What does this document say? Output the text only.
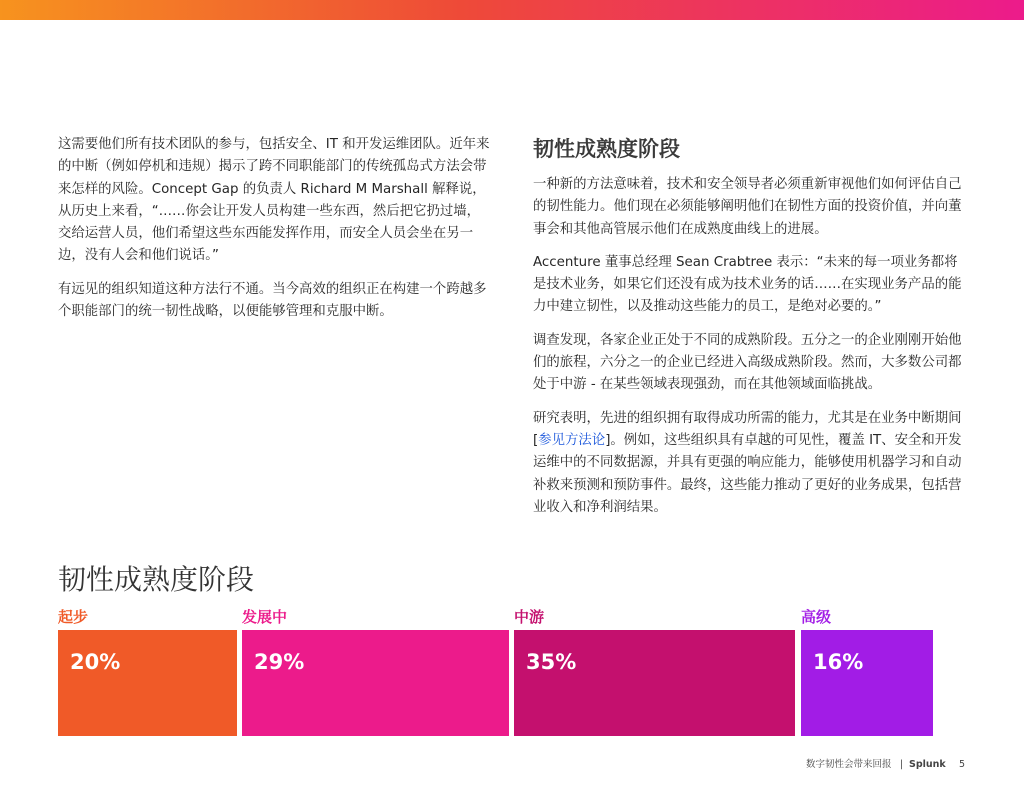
这需要他们所有技术团队的参与，包括安全、IT 和开发运维团队。近年来的中断（例如停机和违规）揭示了跨不同职能部门的传统孤岛式方法会带来怎样的风险。Concept Gap 的负责人 Richard M Marshall 解释说，从历史上来看，“……你会让开发人员构建一些东西，然后把它扔过墙，交给运营人员，他们希望这些东西能发挥作用，而安全人员会坐在另一边，没有人会和他们说话。”

有远见的组织知道这种方法行不通。当今高效的组织正在构建一个跨越多个职能部门的统一韧性战略，以便能够管理和克服中断。

韧性成熟度阶段

一种新的方法意味着，技术和安全领导者必须重新审视他们如何评估自己的韧性能力。他们现在必须能够阐明他们在韧性方面的投资价值，并向董事会和其他高管展示他们在成熟度曲线上的进展。

Accenture 董事总经理 Sean Crabtree 表示：“未来的每一项业务都将是技术业务，如果它们还没有成为技术业务的话……在实现业务产品的能力中建立韧性，以及推动这些能力的员工，是绝对必要的。”

调查发现，各家企业正处于不同的成熟阶段。五分之一的企业刚刚开始他们的旅程，六分之一的企业已经进入高级成熟阶段。然而，大多数公司都处于中游 - 在某些领域表现强劲，而在其他领域面临挑战。

研究表明，先进的组织拥有取得成功所需的能力，尤其是在业务中断期间[参见方法论]。例如，这些组织具有卓越的可见性，覆盖 IT、安全和开发运维中的不同数据源，并具有更强的响应能力，能够使用机器学习和自动补救来预测和预防事件。最终，这些能力推动了更好的业务成果，包括营业收入和净利润结果。

韧性成熟度阶段
起步	发展中	中游	高级
20%	29%	35%	16%
数字韧性会带来回报 | Splunk 5
